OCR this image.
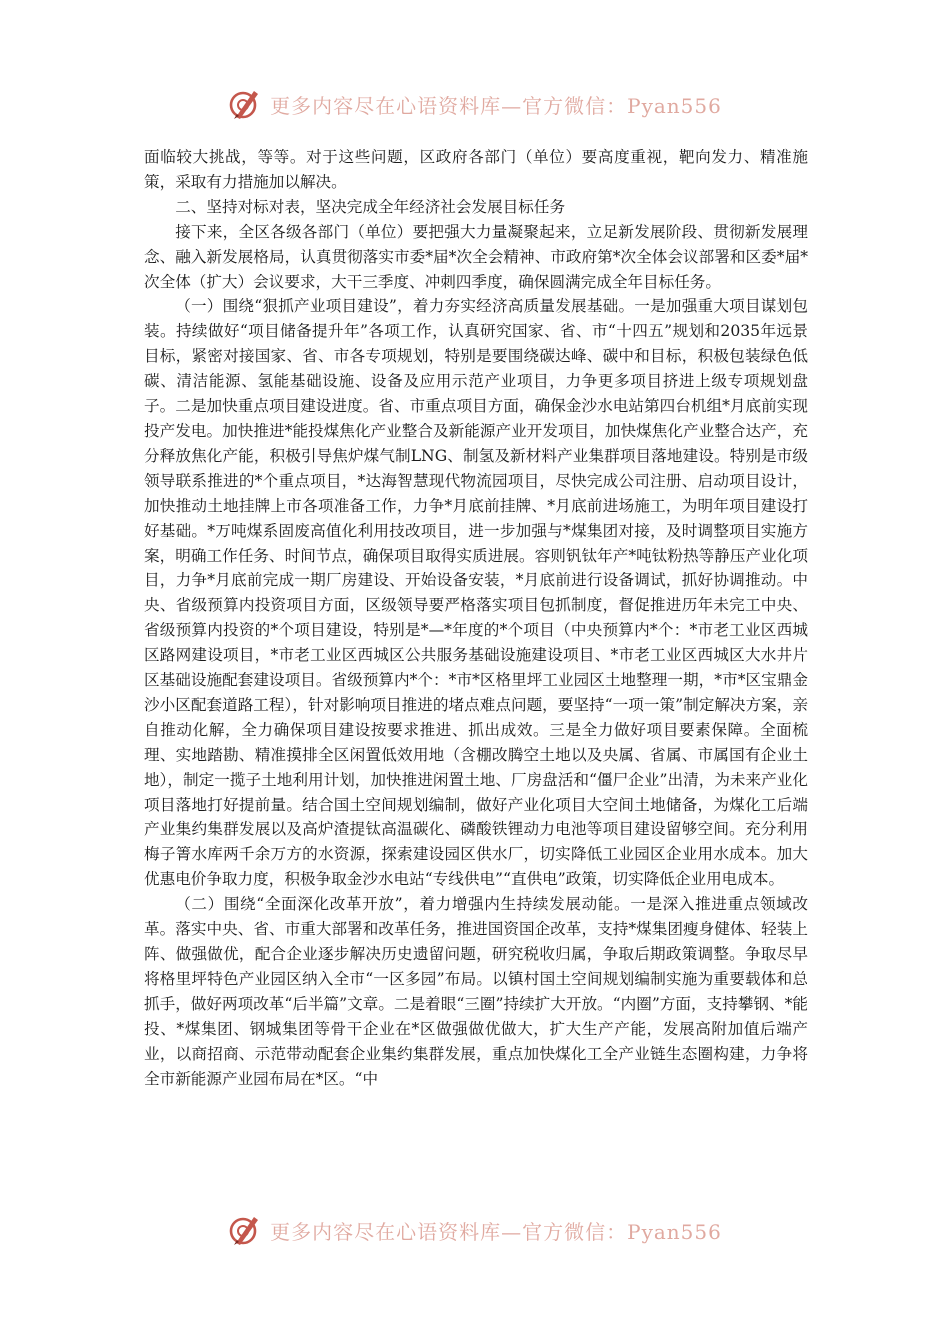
更多内容尽在心语资料库—官方微信：Pyan556

面临较大挑战，等等。对于这些问题，区政府各部门（单位）要高度重视，靶向发力、精准施策，采取有力措施加以解决。

二、坚持对标对表，坚决完成全年经济社会发展目标任务

接下来，全区各级各部门（单位）要把强大力量凝聚起来，立足新发展阶段、贯彻新发展理念、融入新发展格局，认真贯彻落实市委*届*次全会精神、市政府第*次全体会议部署和区委*届*次全体（扩大）会议要求，大干三季度、冲刺四季度，确保圆满完成全年目标任务。

（一）围绕“狠抓产业项目建设”，着力夯实经济高质量发展基础。一是加强重大项目谋划包装。持续做好“项目储备提升年”各项工作，认真研究国家、省、市“十四五”规划和2035年远景目标，紧密对接国家、省、市各专项规划，特别是要围绕碳达峰、碳中和目标，积极包装绿色低碳、清洁能源、氢能基础设施、设备及应用示范产业项目，力争更多项目挤进上级专项规划盘子。二是加快重点项目建设进度。省、市重点项目方面，确保金沙水电站第四台机组*月底前实现投产发电。加快推进*能投煤焦化产业整合及新能源产业开发项目，加快煤焦化产业整合达产，充分释放焦化产能，积极引导焦炉煤气制LNG、制氢及新材料产业集群项目落地建设。特别是市级领导联系推进的*个重点项目，*达海智慧现代物流园项目，尽快完成公司注册、启动项目设计，加快推动土地挂牌上市各项准备工作，力争*月底前挂牌、*月底前进场施工，为明年项目建设打好基础。*万吨煤系固废高值化利用技改项目，进一步加强与*煤集团对接，及时调整项目实施方案，明确工作任务、时间节点，确保项目取得实质进展。容则钒钛年产*吨钛粉热等静压产业化项目，力争*月底前完成一期厂房建设、开始设备安装，*月底前进行设备调试，抓好协调推动。中央、省级预算内投资项目方面，区级领导要严格落实项目包抓制度，督促推进历年未完工中央、省级预算内投资的*个项目建设，特别是*—*年度的*个项目（中央预算内*个：*市老工业区西城区路网建设项目，*市老工业区西城区公共服务基础设施建设项目、*市老工业区西城区大水井片区基础设施配套建设项目。省级预算内*个：*市*区格里坪工业园区土地整理一期，*市*区宝鼎金沙小区配套道路工程），针对影响项目推进的堵点难点问题，要坚持“一项一策”制定解决方案，亲自推动化解，全力确保项目建设按要求推进、抓出成效。三是全力做好项目要素保障。全面梳理、实地踏勘、精准摸排全区闲置低效用地（含棚改腾空土地以及央属、省属、市属国有企业土地），制定一揽子土地利用计划，加快推进闲置土地、厂房盘活和“僵尸企业”出清，为未来产业化项目落地打好提前量。结合国土空间规划编制，做好产业化项目大空间土地储备，为煤化工后端产业集约集群发展以及高炉渣提钛高温碳化、磷酸铁锂动力电池等项目建设留够空间。充分利用梅子箐水库两千余万方的水资源，探索建设园区供水厂，切实降低工业园区企业用水成本。加大优惠电价争取力度，积极争取金沙水电站“专线供电”“直供电”政策，切实降低企业用电成本。

（二）围绕“全面深化改革开放”，着力增强内生持续发展动能。一是深入推进重点领域改革。落实中央、省、市重大部署和改革任务，推进国资国企改革，支持*煤集团瘦身健体、轻装上阵、做强做优，配合企业逐步解决历史遗留问题，研究税收归属，争取后期政策调整。争取尽早将格里坪特色产业园区纳入全市“一区多园”布局。以镇村国土空间规划编制实施为重要载体和总抓手，做好两项改革“后半篇”文章。二是着眼“三圈”持续扩大开放。“内圈”方面，支持攀钢、*能投、*煤集团、钢城集团等骨干企业在*区做强做优做大，扩大生产产能，发展高附加值后端产业，以商招商、示范带动配套企业集约集群发展，重点加快煤化工全产业链生态圈构建，力争将全市新能源产业园布局在*区。“中

更多内容尽在心语资料库—官方微信：Pyan556
